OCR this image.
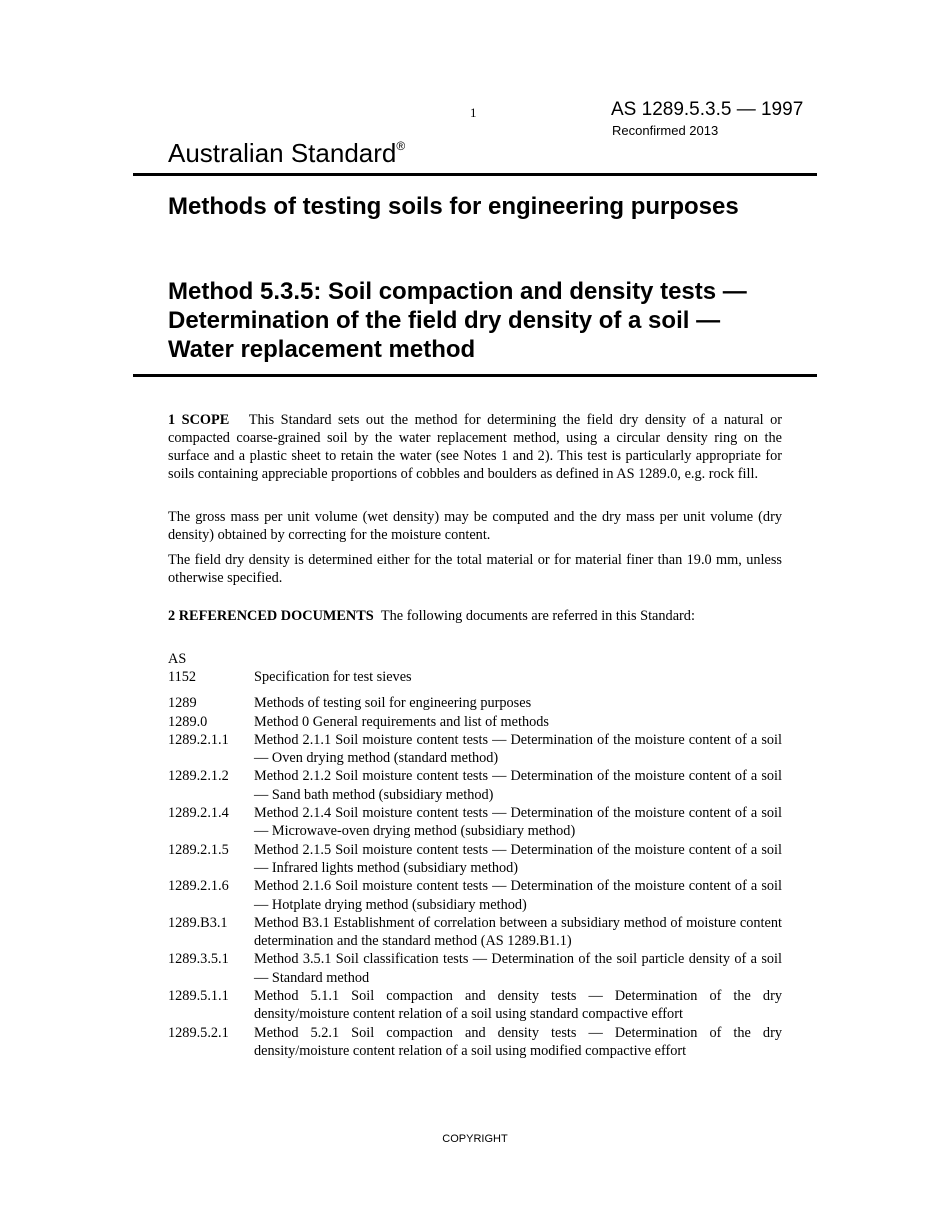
1	AS 1289.5.3.5 — 1997
Reconfirmed 2013
Australian Standard®
Methods of testing soils for engineering purposes
Method 5.3.5: Soil compaction and density tests — Determination of the field dry density of a soil — Water replacement method

1 SCOPE This Standard sets out the method for determining the field dry density of a natural or compacted coarse-grained soil by the water replacement method, using a circular density ring on the surface and a plastic sheet to retain the water (see Notes 1 and 2). This test is particularly appropriate for soils containing appreciable proportions of cobbles and boulders as defined in AS 1289.0, e.g. rock fill.

The gross mass per unit volume (wet density) may be computed and the dry mass per unit volume (dry density) obtained by correcting for the moisture content.

The field dry density is determined either for the total material or for material finer than 19.0 mm, unless otherwise specified.

2 REFERENCED DOCUMENTS The following documents are referred in this Standard:

AS

1152	Specification for test sieves
1289	Methods of testing soil for engineering purposes
1289.0	Method 0 General requirements and list of methods
1289.2.1.1	Method 2.1.1 Soil moisture content tests — Determination of the moisture content of a soil — Oven drying method (standard method)
1289.2.1.2	Method 2.1.2 Soil moisture content tests — Determination of the moisture content of a soil — Sand bath method (subsidiary method)
1289.2.1.4	Method 2.1.4 Soil moisture content tests — Determination of the moisture content of a soil — Microwave-oven drying method (subsidiary method)
1289.2.1.5	Method 2.1.5 Soil moisture content tests — Determination of the moisture content of a soil — Infrared lights method (subsidiary method)
1289.2.1.6	Method 2.1.6 Soil moisture content tests — Determination of the moisture content of a soil — Hotplate drying method (subsidiary method)
1289.B3.1	Method B3.1 Establishment of correlation between a subsidiary method of moisture content determination and the standard method (AS 1289.B1.1)
1289.3.5.1	Method 3.5.1 Soil classification tests — Determination of the soil particle density of a soil — Standard method
1289.5.1.1	Method 5.1.1 Soil compaction and density tests — Determination of the dry density/moisture content relation of a soil using standard compactive effort
1289.5.2.1	Method 5.2.1 Soil compaction and density tests — Determination of the dry density/moisture content relation of a soil using modified compactive effort
COPYRIGHT
